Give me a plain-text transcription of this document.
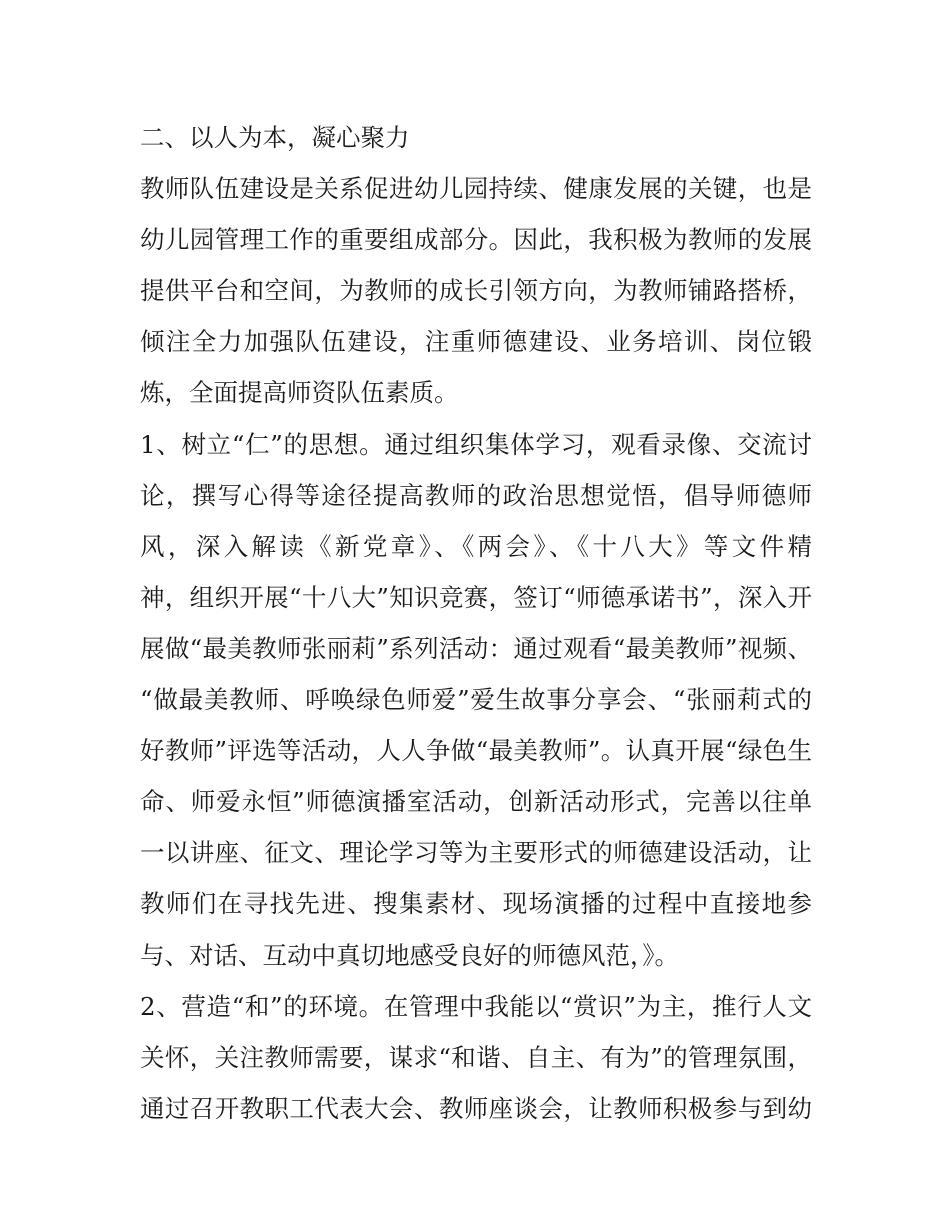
二、以人为本，凝心聚力
教师队伍建设是关系促进幼儿园持续、健康发展的关键，也是
幼儿园管理工作的重要组成部分。因此，我积极为教师的发展
提供平台和空间，为教师的成长引领方向，为教师铺路搭桥，
倾注全力加强队伍建设，注重师德建设、业务培训、岗位锻
炼，全面提高师资队伍素质。
1、树立“仁”的思想。通过组织集体学习，观看录像、交流讨
论，撰写心得等途径提高教师的政治思想觉悟，倡导师德师
风，深入解读《新党章》、《两会》、《十八大》等文件精
神，组织开展“十八大”知识竞赛，签订“师德承诺书”，深入开
展做“最美教师张丽莉”系列活动：通过观看“最美教师”视频、
“做最美教师、呼唤绿色师爱”爱生故事分享会、“张丽莉式的
好教师”评选等活动，人人争做“最美教师”。认真开展“绿色生
命、师爱永恒”师德演播室活动，创新活动形式，完善以往单
一以讲座、征文、理论学习等为主要形式的师德建设活动，让
教师们在寻找先进、搜集素材、现场演播的过程中直接地参
与、对话、互动中真切地感受良好的师德风范，》。
2、营造“和”的环境。在管理中我能以“赏识”为主，推行人文
关怀，关注教师需要，谋求“和谐、自主、有为”的管理氛围，
通过召开教职工代表大会、教师座谈会，让教师积极参与到幼
